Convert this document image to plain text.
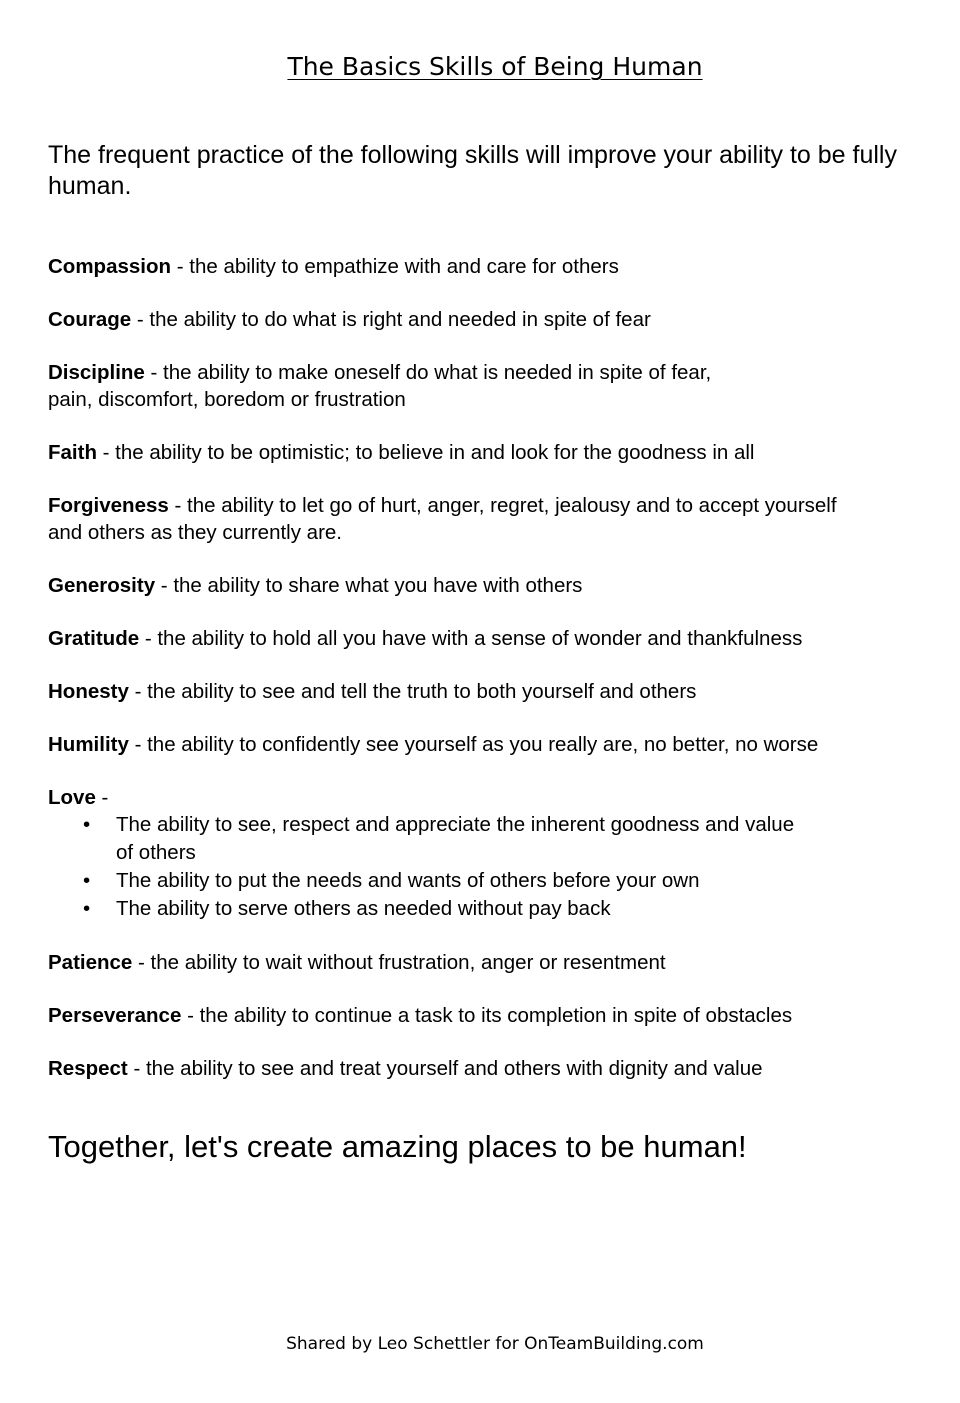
The Basics Skills of Being Human

The frequent practice of the following skills will improve your ability to be fully human.

Compassion - the ability to empathize with and care for others

Courage - the ability to do what is right and needed in spite of fear

Discipline - the ability to make oneself do what is needed in spite of fear,
pain, discomfort, boredom or frustration

Faith - the ability to be optimistic; to believe in and look for the goodness in all

Forgiveness - the ability to let go of hurt, anger, regret, jealousy and to accept yourself
and others as they currently are.

Generosity - the ability to share what you have with others

Gratitude - the ability to hold all you have with a sense of wonder and thankfulness

Honesty - the ability to see and tell the truth to both yourself and others

Humility - the ability to confidently see yourself as you really are, no better, no worse

Love -
• The ability to see, respect and appreciate the inherent goodness and value
of others
• The ability to put the needs and wants of others before your own
• The ability to serve others as needed without pay back

Patience - the ability to wait without frustration, anger or resentment

Perseverance - the ability to continue a task to its completion in spite of obstacles

Respect - the ability to see and treat yourself and others with dignity and value

Together, let's create amazing places to be human!

Shared by Leo Schettler for OnTeamBuilding.com
